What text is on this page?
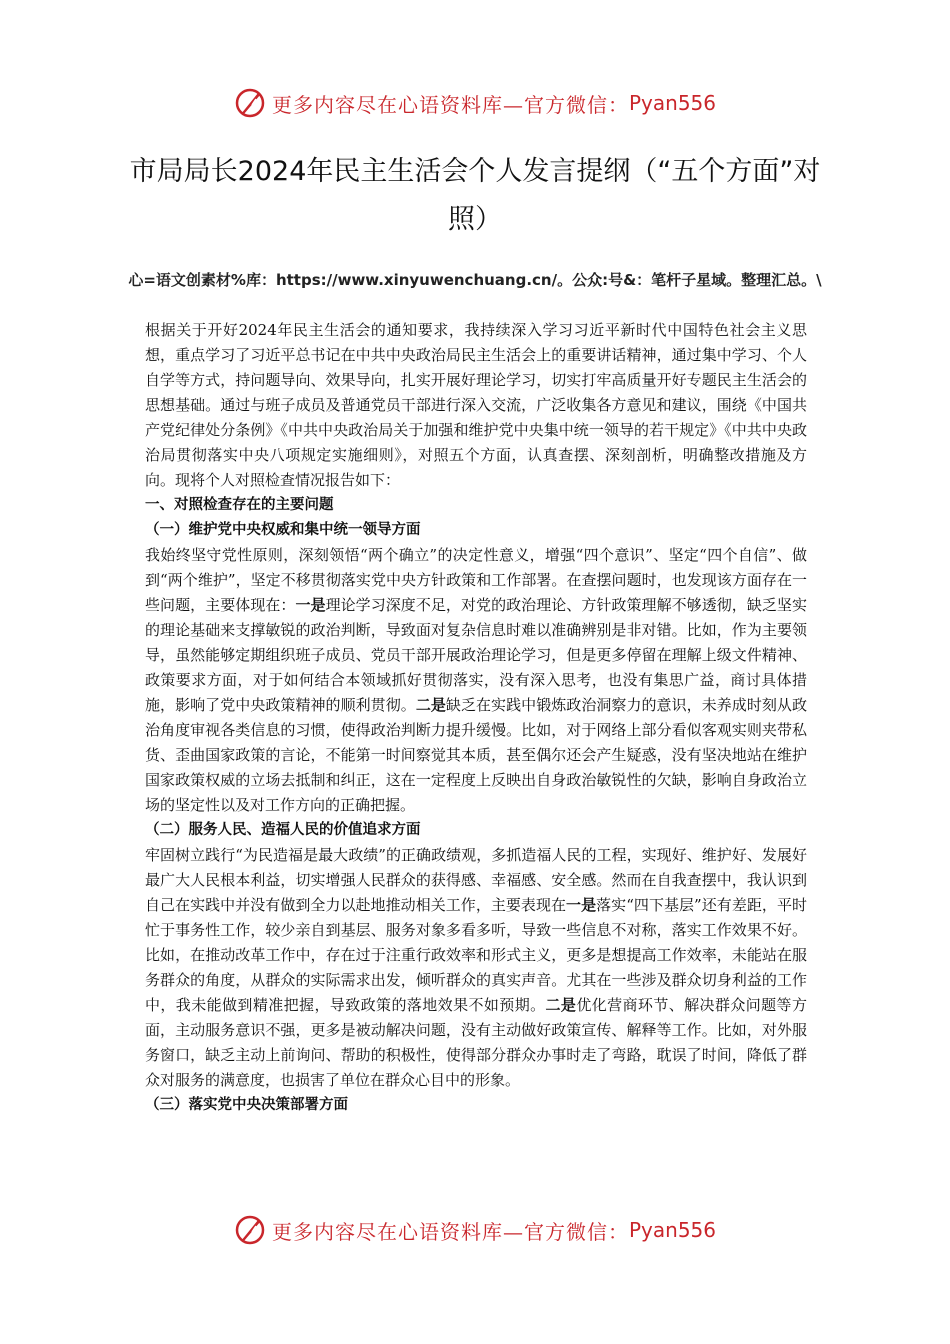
更多内容尽在心语资料库—官方微信： Pyan556
市局局长2024年民主生活会个人发言提纲（“五个方面”对照）
心=语文创素材%库：https://www.xinyuwenchuang.cn/。公众:号&：笔杆子星域。整理汇总。\

根据关于开好2024年民主生活会的通知要求，我持续深入学习习近平新时代中国特色社会主义思想，重点学习了习近平总书记在中共中央政治局民主生活会上的重要讲话精神，通过集中学习、个人自学等方式，持问题导向、效果导向，扎实开展好理论学习，切实打牢高质量开好专题民主生活会的思想基础。通过与班子成员及普通党员干部进行深入交流，广泛收集各方意见和建议，围绕《中国共产党纪律处分条例》《中共中央政治局关于加强和维护党中央集中统一领导的若干规定》《中共中央政治局贯彻落实中央八项规定实施细则》，对照五个方面，认真查摆、深刻剖析，明确整改措施及方向。现将个人对照检查情况报告如下：

一、对照检查存在的主要问题

（一）维护党中央权威和集中统一领导方面

我始终坚守党性原则，深刻领悟“两个确立”的决定性意义，增强“四个意识”、坚定“四个自信”、做到“两个维护”，坚定不移贯彻落实党中央方针政策和工作部署。在查摆问题时，也发现该方面存在一些问题，主要体现在：一是理论学习深度不足，对党的政治理论、方针政策理解不够透彻，缺乏坚实的理论基础来支撑敏锐的政治判断，导致面对复杂信息时难以准确辨别是非对错。比如，作为主要领导，虽然能够定期组织班子成员、党员干部开展政治理论学习，但是更多停留在理解上级文件精神、政策要求方面，对于如何结合本领域抓好贯彻落实，没有深入思考，也没有集思广益，商讨具体措施，影响了党中央政策精神的顺利贯彻。二是缺乏在实践中锻炼政治洞察力的意识，未养成时刻从政治角度审视各类信息的习惯，使得政治判断力提升缓慢。比如，对于网络上部分看似客观实则夹带私货、歪曲国家政策的言论，不能第一时间察觉其本质，甚至偶尔还会产生疑惑，没有坚决地站在维护国家政策权威的立场去抵制和纠正，这在一定程度上反映出自身政治敏锐性的欠缺，影响自身政治立场的坚定性以及对工作方向的正确把握。

（二）服务人民、造福人民的价值追求方面

牢固树立践行“为民造福是最大政绩”的正确政绩观，多抓造福人民的工程，实现好、维护好、发展好最广大人民根本利益，切实增强人民群众的获得感、幸福感、安全感。然而在自我查摆中，我认识到自己在实践中并没有做到全力以赴地推动相关工作，主要表现在一是落实“四下基层”还有差距，平时忙于事务性工作，较少亲自到基层、服务对象多看多听，导致一些信息不对称，落实工作效果不好。比如，在推动改革工作中，存在过于注重行政效率和形式主义，更多是想提高工作效率，未能站在服务群众的角度，从群众的实际需求出发，倾听群众的真实声音。尤其在一些涉及群众切身利益的工作中，我未能做到精准把握，导致政策的落地效果不如预期。二是优化营商环节、解决群众问题等方面，主动服务意识不强，更多是被动解决问题，没有主动做好政策宣传、解释等工作。比如，对外服务窗口，缺乏主动上前询问、帮助的积极性，使得部分群众办事时走了弯路，耽误了时间，降低了群众对服务的满意度，也损害了单位在群众心目中的形象。

（三）落实党中央决策部署方面

更多内容尽在心语资料库—官方微信： Pyan556
